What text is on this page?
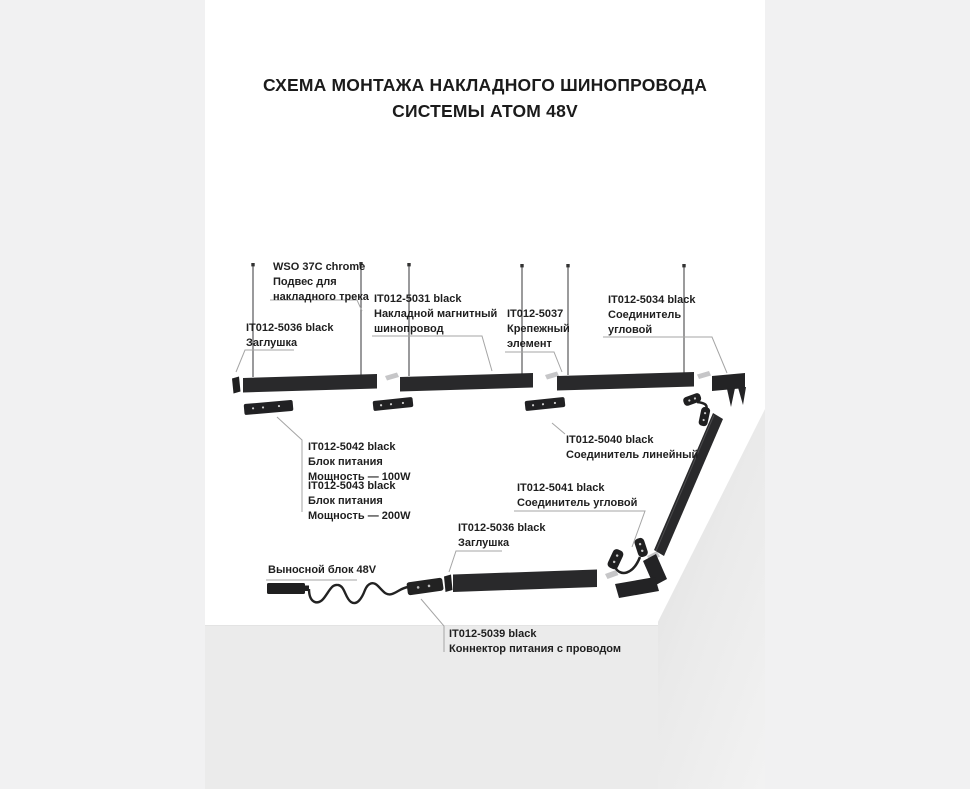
СХЕМА МОНТАЖА НАКЛАДНОГО ШИНОПРОВОДА
СИСТЕМЫ АТОМ 48V
WSO 37C chrome
Подвес для
накладного трека
IT012-5036 black
Заглушка
IT012-5031 black
Накладной магнитный
шинопровод
IT012-5037
Крепежный
элемент
IT012-5034 black
Соединитель
угловой
IT012-5042 black
Блок питания
Мощность — 100W
IT012-5043 black
Блок питания
Мощность — 200W
IT012-5040 black
Соединитель линейный
IT012-5041 black
Соединитель угловой
IT012-5036 black
Заглушка
Выносной блок 48V
IT012-5039 black
Коннектор питания с проводом
